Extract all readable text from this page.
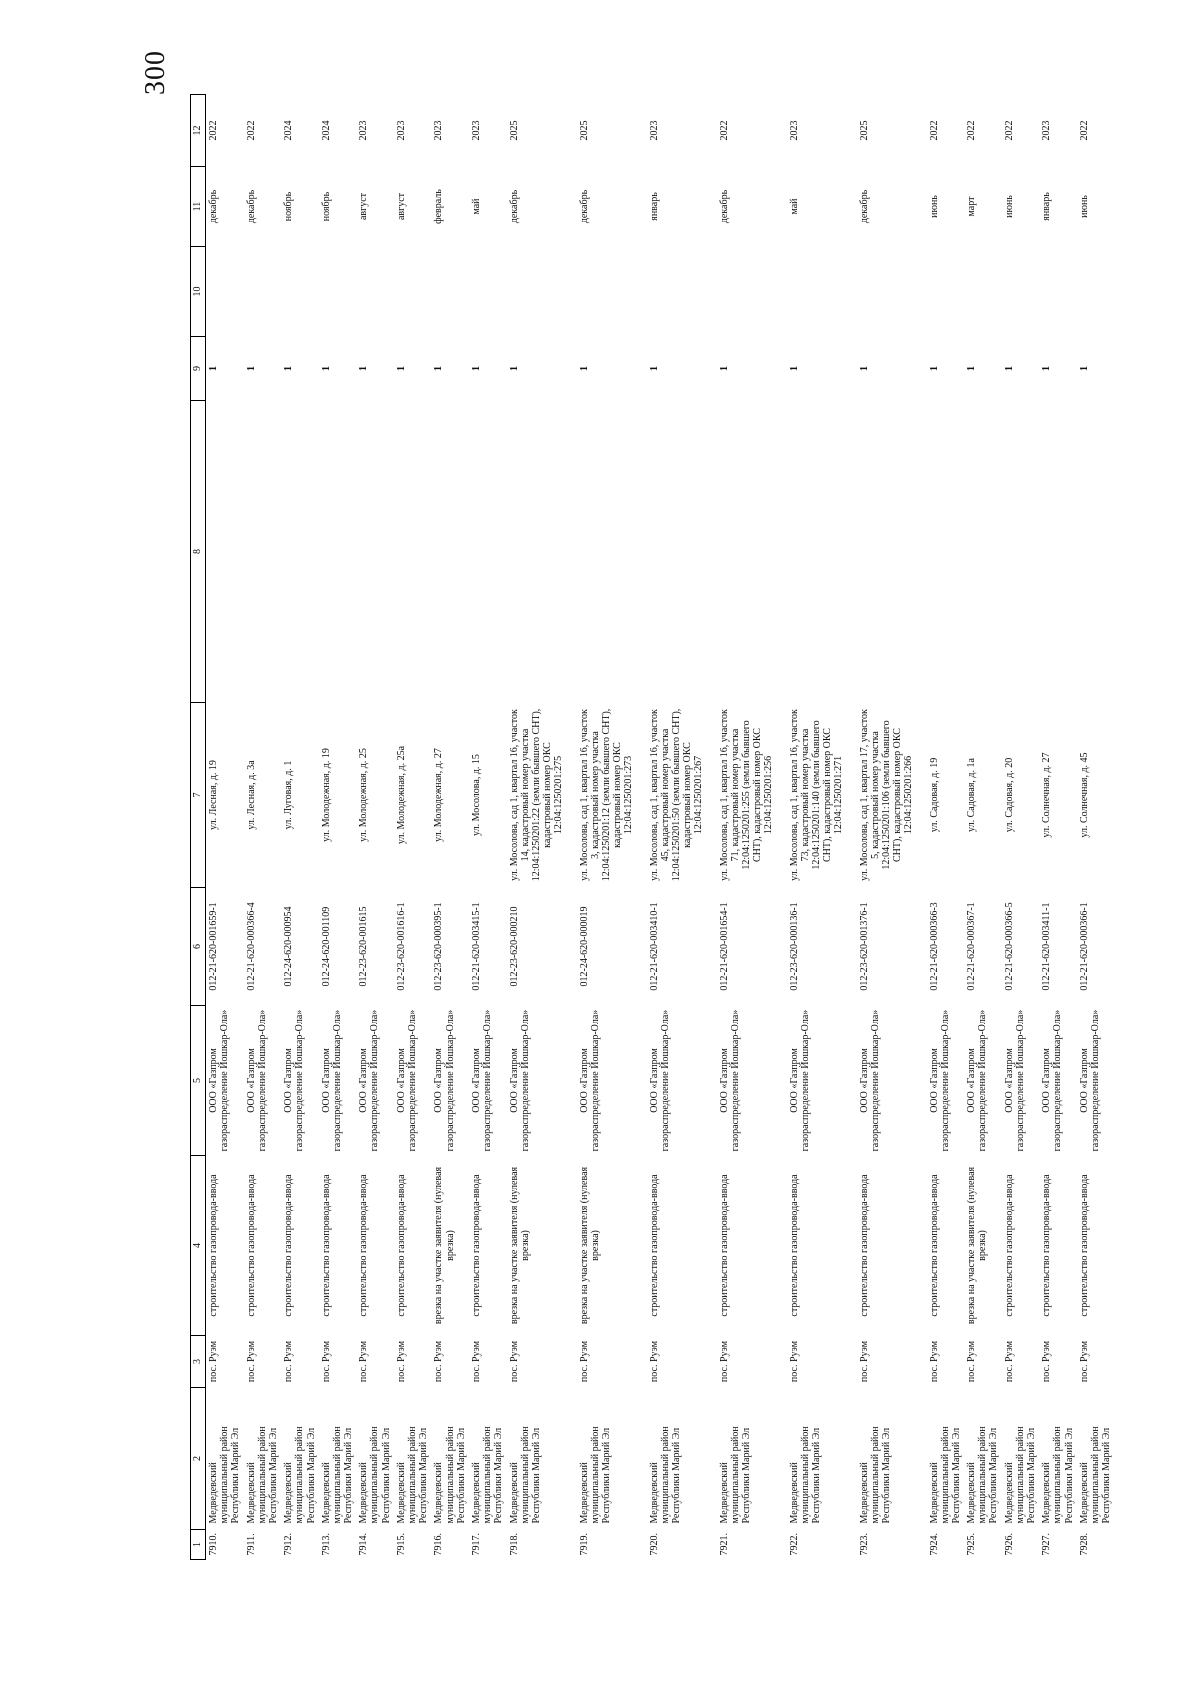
300
1	2	3	4	5	6	7	8	9	10	11	12

7910.	Медведевский муниципальный район Республики Марий Эл	пос. Руэм	строительство газопровода-ввода	ООО «Газпром газораспределение Йошкар-Ола»	012-21-620-001659-1	ул. Лесная, д. 19		1		декабрь	2022

7911.	Медведевский муниципальный район Республики Марий Эл	пос. Руэм	строительство газопровода-ввода	ООО «Газпром газораспределение Йошкар-Ола»	012-21-620-000366-4	ул. Лесная, д. 3а		1		декабрь	2022

7912.	Медведевский муниципальный район Республики Марий Эл	пос. Руэм	строительство газопровода-ввода	ООО «Газпром газораспределение Йошкар-Ола»	012-24-620-000954	ул. Луговая, д. 1		1		ноябрь	2024

7913.	Медведевский муниципальный район Республики Марий Эл	пос. Руэм	строительство газопровода-ввода	ООО «Газпром газораспределение Йошкар-Ола»	012-24-620-001109	ул. Молодежная, д. 19		1		ноябрь	2024

7914.	Медведевский муниципальный район Республики Марий Эл	пос. Руэм	строительство газопровода-ввода	ООО «Газпром газораспределение Йошкар-Ола»	012-23-620-001615	ул. Молодежная, д. 25		1		август	2023

7915.	Медведевский муниципальный район Республики Марий Эл	пос. Руэм	строительство газопровода-ввода	ООО «Газпром газораспределение Йошкар-Ола»	012-23-620-001616-1	ул. Молодежная, д. 25а		1		август	2023

7916.	Медведевский муниципальный район Республики Марий Эл	пос. Руэм	врезка на участке заявителя (нулевая врезка)	ООО «Газпром газораспределение Йошкар-Ола»	012-23-620-000395-1	ул. Молодежная, д. 27		1		февраль	2023

7917.	Медведевский муниципальный район Республики Марий Эл	пос. Руэм	строительство газопровода-ввода	ООО «Газпром газораспределение Йошкар-Ола»	012-21-620-003415-1	ул. Мосолова, д. 15		1		май	2023

7918.	Медведевский муниципальный район Республики Марий Эл	пос. Руэм	врезка на участке заявителя (нулевая врезка)	ООО «Газпром газораспределение Йошкар-Ола»	012-23-620-000210	ул. Мосолова, сад 1, квартал 16, участок 14, кадастровый номер участка 12:04:1250201:22 (земли бывшего СНТ), кадастровый номер ОКС 12:04:1250201:275		1		декабрь	2025

7919.	Медведевский муниципальный район Республики Марий Эл	пос. Руэм	врезка на участке заявителя (нулевая врезка)	ООО «Газпром газораспределение Йошкар-Ола»	012-24-620-000019	ул. Мосолова, сад 1, квартал 16, участок 3, кадастровый номер участка 12:04:1250201:12 (земли бывшего СНТ), кадастровый номер ОКС 12:04:1250201:273		1		декабрь	2025

7920.	Медведевский муниципальный район Республики Марий Эл	пос. Руэм	строительство газопровода-ввода	ООО «Газпром газораспределение Йошкар-Ола»	012-21-620-003410-1	ул. Мосолова, сад 1, квартал 16, участок 45, кадастровый номер участка 12:04:1250201:50 (земли бывшего СНТ), кадастровый номер ОКС 12:04:1250201:267		1		январь	2023

7921.	Медведевский муниципальный район Республики Марий Эл	пос. Руэм	строительство газопровода-ввода	ООО «Газпром газораспределение Йошкар-Ола»	012-21-620-001654-1	ул. Мосолова, сад 1, квартал 16, участок 71, кадастровый номер участка 12:04:1250201:255 (земли бывшего СНТ), кадастровый номер ОКС 12:04:1250201:256		1		декабрь	2022

7922.	Медведевский муниципальный район Республики Марий Эл	пос. Руэм	строительство газопровода-ввода	ООО «Газпром газораспределение Йошкар-Ола»	012-23-620-000136-1	ул. Мосолова, сад 1, квартал 16, участок 73, кадастровый номер участка 12:04:1250201:140 (земли бывшего СНТ), кадастровый номер ОКС 12:04:1250201:271		1		май	2023

7923.	Медведевский муниципальный район Республики Марий Эл	пос. Руэм	строительство газопровода-ввода	ООО «Газпром газораспределение Йошкар-Ола»	012-23-620-001376-1	ул. Мосолова, сад 1, квартал 17, участок 5, кадастровый номер участка 12:04:1250201:106 (земли бывшего СНТ), кадастровый номер ОКС 12:04:1250201:266		1		декабрь	2025

7924.	Медведевский муниципальный район Республики Марий Эл	пос. Руэм	строительство газопровода-ввода	ООО «Газпром газораспределение Йошкар-Ола»	012-21-620-000366-3	ул. Садовая, д. 19		1		июнь	2022

7925.	Медведевский муниципальный район Республики Марий Эл	пос. Руэм	врезка на участке заявителя (нулевая врезка)	ООО «Газпром газораспределение Йошкар-Ола»	012-21-620-000367-1	ул. Садовая, д. 1а		1		март	2022

7926.	Медведевский муниципальный район Республики Марий Эл	пос. Руэм	строительство газопровода-ввода	ООО «Газпром газораспределение Йошкар-Ола»	012-21-620-000366-5	ул. Садовая, д. 20		1		июнь	2022

7927.	Медведевский муниципальный район Республики Марий Эл	пос. Руэм	строительство газопровода-ввода	ООО «Газпром газораспределение Йошкар-Ола»	012-21-620-003411-1	ул. Солнечная, д. 27		1		январь	2023

7928.	Медведевский муниципальный район Республики Марий Эл	пос. Руэм	строительство газопровода-ввода	ООО «Газпром газораспределение Йошкар-Ола»	012-21-620-000366-1	ул. Солнечная, д. 45		1		июнь	2022
